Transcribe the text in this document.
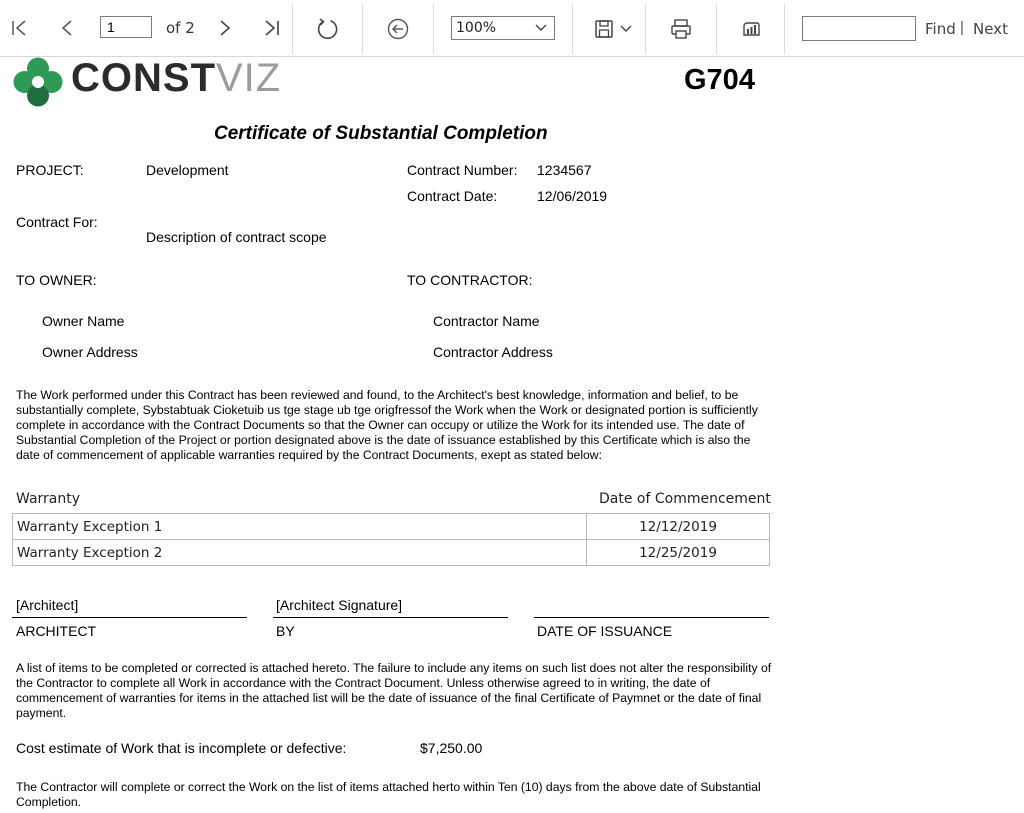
1
of 2	100%	Find | Next
CONSTVIZ	G704
Certificate of Substantial Completion
PROJECT:	Development	Contract Number: 1234567
Contract Date:	12/06/2019
Contract For:
Description of contract scope
TO OWNER:	TO CONTRACTOR:
Owner Name
Owner Address
Contractor Name
Contractor Address
The Work performed under this Contract has been reviewed and found, to the Architect's best knowledge, information and belief, to be substantially complete, Sybstabtuak Cioketuib us tge stage ub tge origfressof the Work when the Work or designated portion is sufficiently complete in accordance with the Contract Documents so that the Owner can occupy or utilize the Work for its intended use. The date of Substantial Completion of the Project or portion designated above is the date of issuance established by this Certificate which is also the date of commencement of applicable warranties required by the Contract Documents, exept as stated below:
Warranty	Date of Commencement
Warranty Exception 1	12/12/2019
Warranty Exception 2	12/25/2019
[Architect]	[Architect Signature]
ARCHITECT	BY	DATE OF ISSUANCE
A list of items to be completed or corrected is attached hereto. The failure to include any items on such list does not alter the responsibility of the Contractor to complete all Work in accordance with the Contract Document. Unless otherwise agreed to in writing, the date of commencement of warranties for items in the attached list will be the date of issuance of the final Certificate of Paymnet or the date of final payment.
Cost estimate of Work that is incomplete or defective:	$7,250.00
The Contractor will complete or correct the Work on the list of items attached herto within Ten (10) days from the above date of Substantial Completion.
